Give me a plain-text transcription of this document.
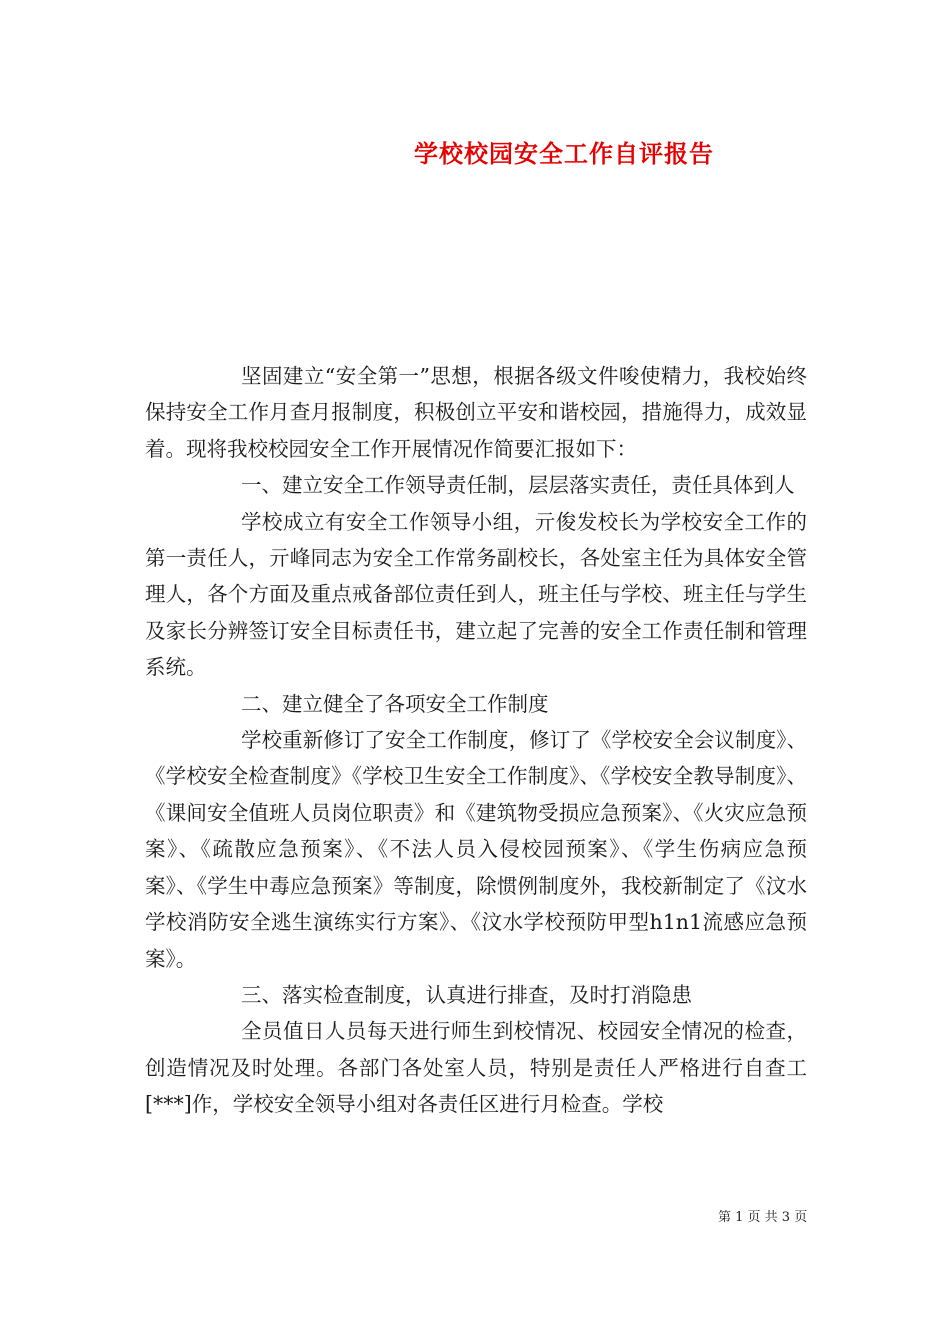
学校校园安全工作自评报告

坚固建立“安全第一”思想，根据各级文件唆使精力，我校始终保持安全工作月查月报制度，积极创立平安和谐校园，措施得力，成效显着。现将我校校园安全工作开展情况作简要汇报如下：

一、建立安全工作领导责任制，层层落实责任，责任具体到人

学校成立有安全工作领导小组，亓俊发校长为学校安全工作的第一责任人，亓峰同志为安全工作常务副校长，各处室主任为具体安全管理人，各个方面及重点戒备部位责任到人，班主任与学校、班主任与学生及家长分辨签订安全目标责任书，建立起了完善的安全工作责任制和管理系统。

二、建立健全了各项安全工作制度

学校重新修订了安全工作制度，修订了《学校安全会议制度》、《学校安全检查制度》《学校卫生安全工作制度》、《学校安全教导制度》、《课间安全值班人员岗位职责》和《建筑物受损应急预案》、《火灾应急预案》、《疏散应急预案》、《不法人员入侵校园预案》、《学生伤病应急预案》、《学生中毒应急预案》等制度，除惯例制度外，我校新制定了《汶水学校消防安全逃生演练实行方案》、《汶水学校预防甲型h1n1流感应急预案》。

三、落实检查制度，认真进行排查，及时打消隐患

全员值日人员每天进行师生到校情况、校园安全情况的检查，创造情况及时处理。各部门各处室人员，特别是责任人严格进行自查工[***]作，学校安全领导小组对各责任区进行月检查。学校

第 1 页 共 3 页
